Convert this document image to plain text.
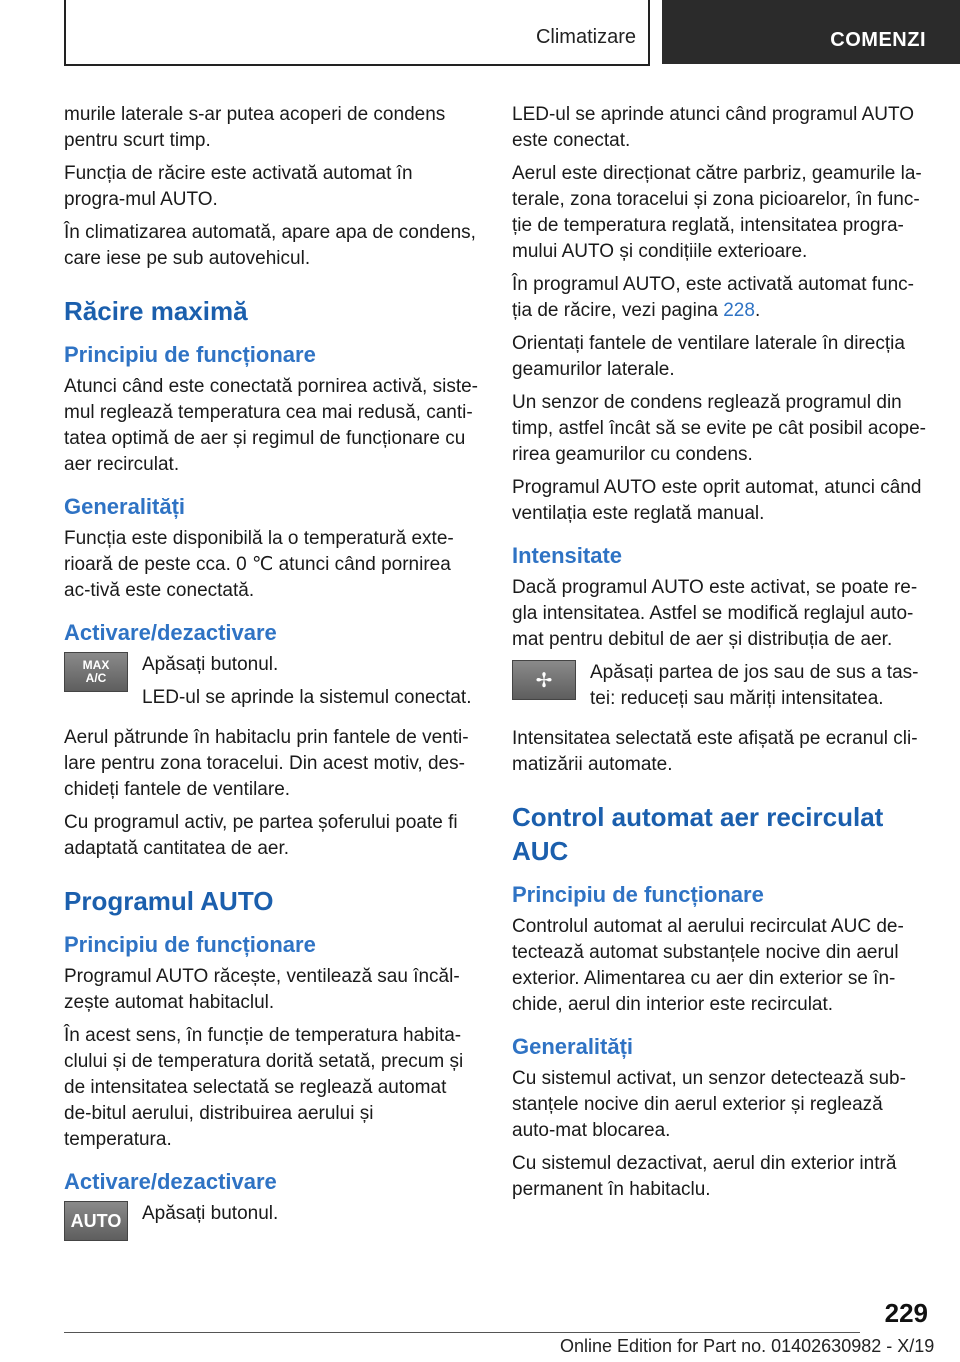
Climatizare	COMENZI

murile laterale s-ar putea acoperi de condens pentru scurt timp.

Funcția de răcire este activată automat în progra-mul AUTO.

În climatizarea automată, apare apa de condens, care iese pe sub autovehicul.

Răcire maximă
Principiu de funcționare

Atunci când este conectată pornirea activă, siste-mul reglează temperatura cea mai redusă, canti-tatea optimă de aer și regimul de funcționare cu aer recirculat.

Generalități

Funcția este disponibilă la o temperatură exte-rioară de peste cca. 0 ℃ atunci când pornirea ac-tivă este conectată.

Activare/dezactivare
MAX
A/C

Apăsați butonul.

LED-ul se aprinde la sistemul conectat.

Aerul pătrunde în habitaclu prin fantele de venti-lare pentru zona toracelui. Din acest motiv, des-chideți fantele de ventilare.

Cu programul activ, pe partea șoferului poate fi adaptată cantitatea de aer.

Programul AUTO
Principiu de funcționare

Programul AUTO răcește, ventilează sau încăl-zește automat habitaclul.

În acest sens, în funcție de temperatura habita-clului și de temperatura dorită setată, precum și de intensitatea selectată se reglează automat de-bitul aerului, distribuirea aerului și temperatura.

Activare/dezactivare
AUTO	Apăsați butonul.

LED-ul se aprinde atunci când programul AUTO este conectat.

Aerul este direcționat către parbriz, geamurile la-terale, zona toracelui și zona picioarelor, în func-ție de temperatura reglată, intensitatea progra-mului AUTO și condițiile exterioare.

În programul AUTO, este activată automat func-ția de răcire, vezi pagina 228.

Orientați fantele de ventilare laterale în direcția geamurilor laterale.

Un senzor de condens reglează programul din timp, astfel încât să se evite pe cât posibil acope-rirea geamurilor cu condens.

Programul AUTO este oprit automat, atunci când ventilația este reglată manual.

Intensitate

Dacă programul AUTO este activat, se poate re-gla intensitatea. Astfel se modifică reglajul auto-mat pentru debitul de aer și distribuția de aer.

✢	Apăsați partea de jos sau de sus a tas-tei: reduceți sau măriți intensitatea.

Intensitatea selectată este afișată pe ecranul cli-matizării automate.

Control automat aer recirculat AUC
Principiu de funcționare

Controlul automat al aerului recirculat AUC de-tectează automat substanțele nocive din aerul exterior. Alimentarea cu aer din exterior se în-chide, aerul din interior este recirculat.

Generalități

Cu sistemul activat, un senzor detectează sub-stanțele nocive din aerul exterior și reglează auto-mat blocarea.

Cu sistemul dezactivat, aerul din exterior intră permanent în habitaclu.

229
Online Edition for Part no. 01402630982 - X/19
